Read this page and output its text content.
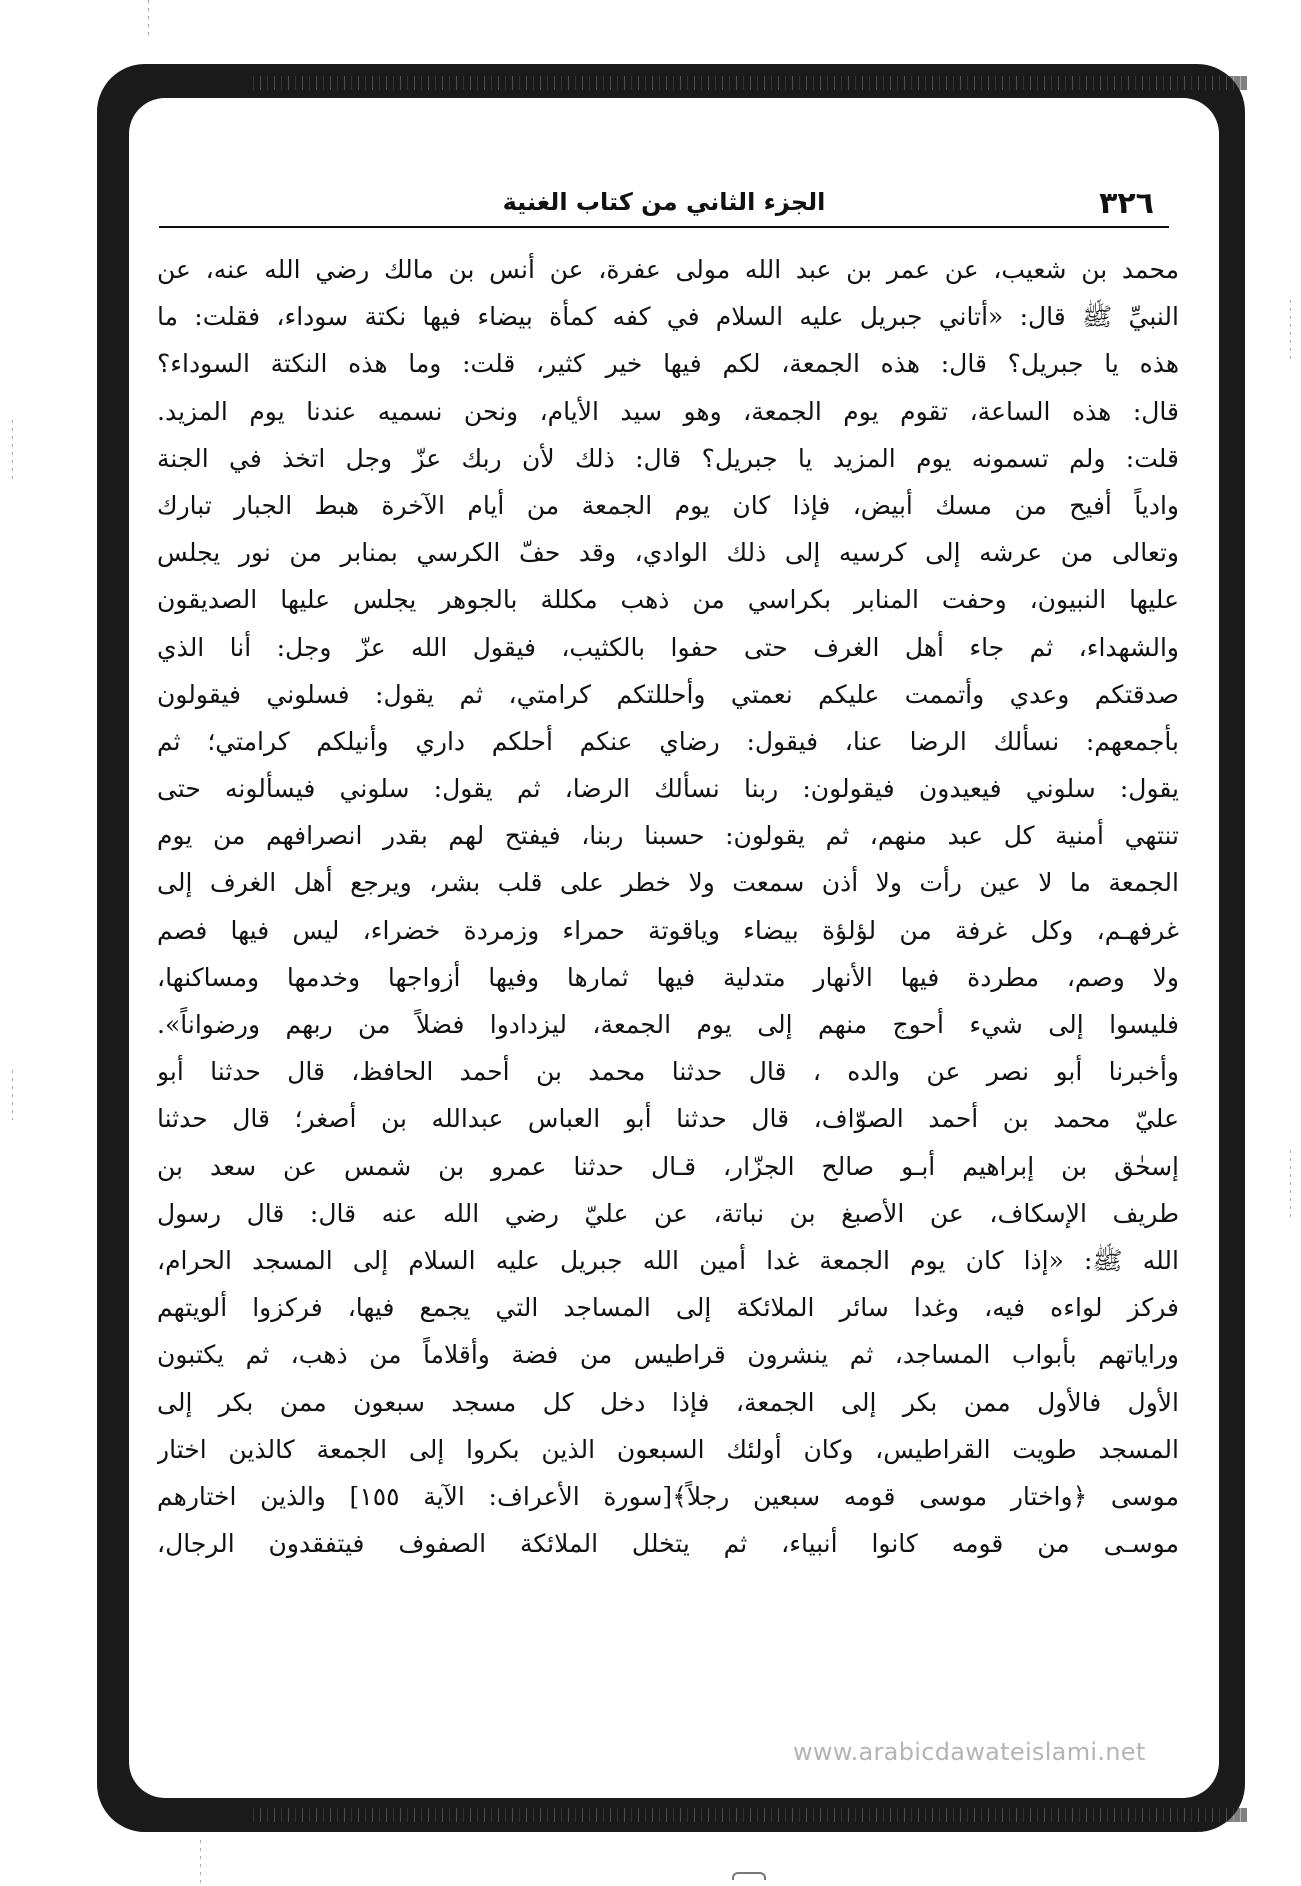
٣٢٦
الجزء الثاني من كتاب الغنية
محمد بن شعيب، عن عمر بن عبد الله مولى عفرة، عن أنس بن مالك رضي الله عنه، عن
النبيِّ ﷺ قال: «أتاني جبريل عليه السلام في كفه كمأة بيضاء فيها نكتة سوداء، فقلت: ما
هذه يا جبريل؟ قال: هذه الجمعة، لكم فيها خير كثير، قلت: وما هذه النكتة السوداء؟
قال: هذه الساعة، تقوم يوم الجمعة، وهو سيد الأيام، ونحن نسميه عندنا يوم المزيد.
قلت: ولم تسمونه يوم المزيد يا جبريل؟ قال: ذلك لأن ربك عزّ وجل اتخذ في الجنة
وادياً أفيح من مسك أبيض، فإذا كان يوم الجمعة من أيام الآخرة هبط الجبار تبارك
وتعالى من عرشه إلى كرسيه إلى ذلك الوادي، وقد حفّ الكرسي بمنابر من نور يجلس
عليها النبيون، وحفت المنابر بكراسي من ذهب مكللة بالجوهر يجلس عليها الصديقون
والشهداء، ثم جاء أهل الغرف حتى حفوا بالكثيب، فيقول الله عزّ وجل: أنا الذي
صدقتكم وعدي وأتممت عليكم نعمتي وأحللتكم كرامتي، ثم يقول: فسلوني فيقولون
بأجمعهم: نسألك الرضا عنا، فيقول: رضاي عنكم أحلكم داري وأنيلكم كرامتي؛ ثم
يقول: سلوني فيعيدون فيقولون: ربنا نسألك الرضا، ثم يقول: سلوني فيسألونه حتى
تنتهي أمنية كل عبد منهم، ثم يقولون: حسبنا ربنا، فيفتح لهم بقدر انصرافهم من يوم
الجمعة ما لا عين رأت ولا أذن سمعت ولا خطر على قلب بشر، ويرجع أهل الغرف إلى
غرفهـم، وكل غرفة من لؤلؤة بيضاء وياقوتة حمراء وزمردة خضراء، ليس فيها فصم
ولا وصم، مطردة فيها الأنهار متدلية فيها ثمارها وفيها أزواجها وخدمها ومساكنها،
فليسوا إلى شيء أحوج منهم إلى يوم الجمعة، ليزدادوا فضلاً من ربهم ورضواناً».
وأخبرنا أبو نصر عن والده ، قال حدثنا محمد بن أحمد الحافظ، قال حدثنا أبو
عليّ محمد بن أحمد الصوّاف، قال حدثنا أبو العباس عبدالله بن أصغر؛ قال حدثنا
إسحٰق بن إبراهيم أبـو صالح الجزّار، قـال حدثنا عمرو بن شمس عن سعد بن
طريف الإسكاف، عن الأصبغ بن نباتة، عن عليّ رضي الله عنه قال: قال رسول
الله ﷺ: «إذا كان يوم الجمعة غدا أمين الله جبريل عليه السلام إلى المسجد الحرام،
فركز لواءه فيه، وغدا سائر الملائكة إلى المساجد التي يجمع فيها، فركزوا ألويتهم
وراياتهم بأبواب المساجد، ثم ينشرون قراطيس من فضة وأقلاماً من ذهب، ثم يكتبون
الأول فالأول ممن بكر إلى الجمعة، فإذا دخل كل مسجد سبعون ممن بكر إلى
المسجد طويت القراطيس، وكان أولئك السبعون الذين بكروا إلى الجمعة كالذين اختار
موسى ﴿واختار موسى قومه سبعين رجلاً﴾[سورة الأعراف: الآية ١٥٥] والذين اختارهم
موسـى من قومه كانوا أنبياء، ثم يتخلل الملائكة الصفوف فيتفقدون الرجال،
www.arabicdawateislami.net
